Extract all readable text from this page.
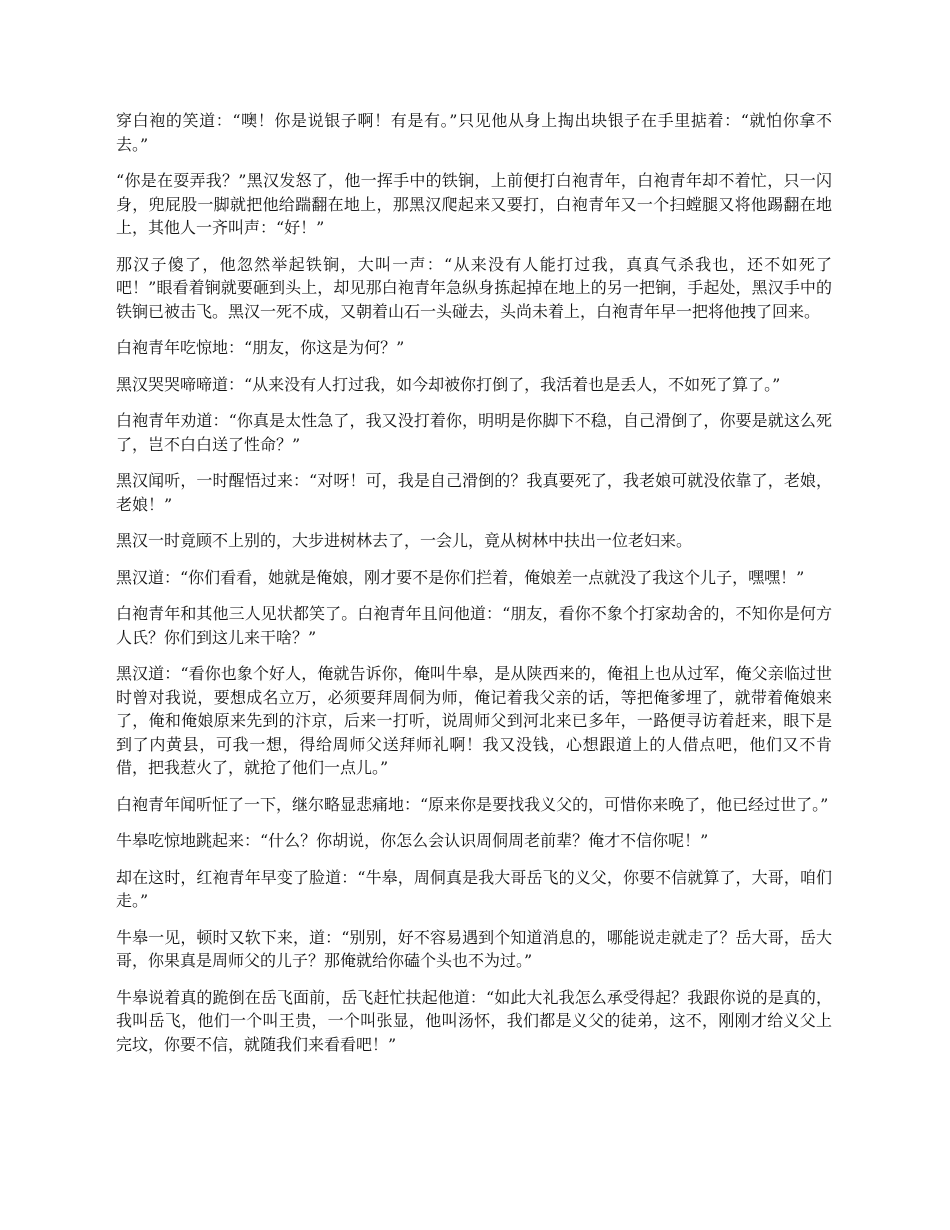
穿白袍的笑道：“噢！你是说银子啊！有是有。”只见他从身上掏出块银子在手里掂着：“就怕你拿不去。”

“你是在耍弄我？”黑汉发怒了，他一挥手中的铁锏，上前便打白袍青年，白袍青年却不着忙，只一闪身，兜屁股一脚就把他给踹翻在地上，那黑汉爬起来又要打，白袍青年又一个扫螳腿又将他踢翻在地上，其他人一齐叫声：“好！”

那汉子傻了，他忽然举起铁锏，大叫一声：“从来没有人能打过我，真真气杀我也，还不如死了吧！”眼看着锏就要砸到头上，却见那白袍青年急纵身拣起掉在地上的另一把锏，手起处，黑汉手中的铁锏已被击飞。黑汉一死不成，又朝着山石一头碰去，头尚未着上，白袍青年早一把将他拽了回来。

白袍青年吃惊地：“朋友，你这是为何？”

黑汉哭哭啼啼道：“从来没有人打过我，如今却被你打倒了，我活着也是丢人，不如死了算了。”

白袍青年劝道：“你真是太性急了，我又没打着你，明明是你脚下不稳，自己滑倒了，你要是就这么死了，岂不白白送了性命？”

黑汉闻听，一时醒悟过来：“对呀！可，我是自己滑倒的？我真要死了，我老娘可就没依靠了，老娘，老娘！”

黑汉一时竟顾不上别的，大步进树林去了，一会儿，竟从树林中扶出一位老妇来。

黑汉道：“你们看看，她就是俺娘，刚才要不是你们拦着，俺娘差一点就没了我这个儿子，嘿嘿！”

白袍青年和其他三人见状都笑了。白袍青年且问他道：“朋友，看你不象个打家劫舍的，不知你是何方人氏？你们到这儿来干啥？”

黑汉道：“看你也象个好人，俺就告诉你，俺叫牛皋，是从陕西来的，俺祖上也从过军，俺父亲临过世时曾对我说，要想成名立万，必须要拜周侗为师，俺记着我父亲的话，等把俺爹埋了，就带着俺娘来了，俺和俺娘原来先到的汴京，后来一打听，说周师父到河北来已多年，一路便寻访着赶来，眼下是到了内黄县，可我一想，得给周师父送拜师礼啊！我又没钱，心想跟道上的人借点吧，他们又不肯借，把我惹火了，就抢了他们一点儿。”

白袍青年闻听怔了一下，继尔略显悲痛地：“原来你是要找我义父的，可惜你来晚了，他已经过世了。”

牛皋吃惊地跳起来：“什么？你胡说，你怎么会认识周侗周老前辈？俺才不信你呢！”

却在这时，红袍青年早变了脸道：“牛皋，周侗真是我大哥岳飞的义父，你要不信就算了，大哥，咱们走。”

牛皋一见，顿时又软下来，道：“别别，好不容易遇到个知道消息的，哪能说走就走了？岳大哥，岳大哥，你果真是周师父的儿子？那俺就给你磕个头也不为过。”

牛皋说着真的跪倒在岳飞面前，岳飞赶忙扶起他道：“如此大礼我怎么承受得起？我跟你说的是真的，我叫岳飞，他们一个叫王贵，一个叫张显，他叫汤怀，我们都是义父的徒弟，这不，刚刚才给义父上完坟，你要不信，就随我们来看看吧！”
